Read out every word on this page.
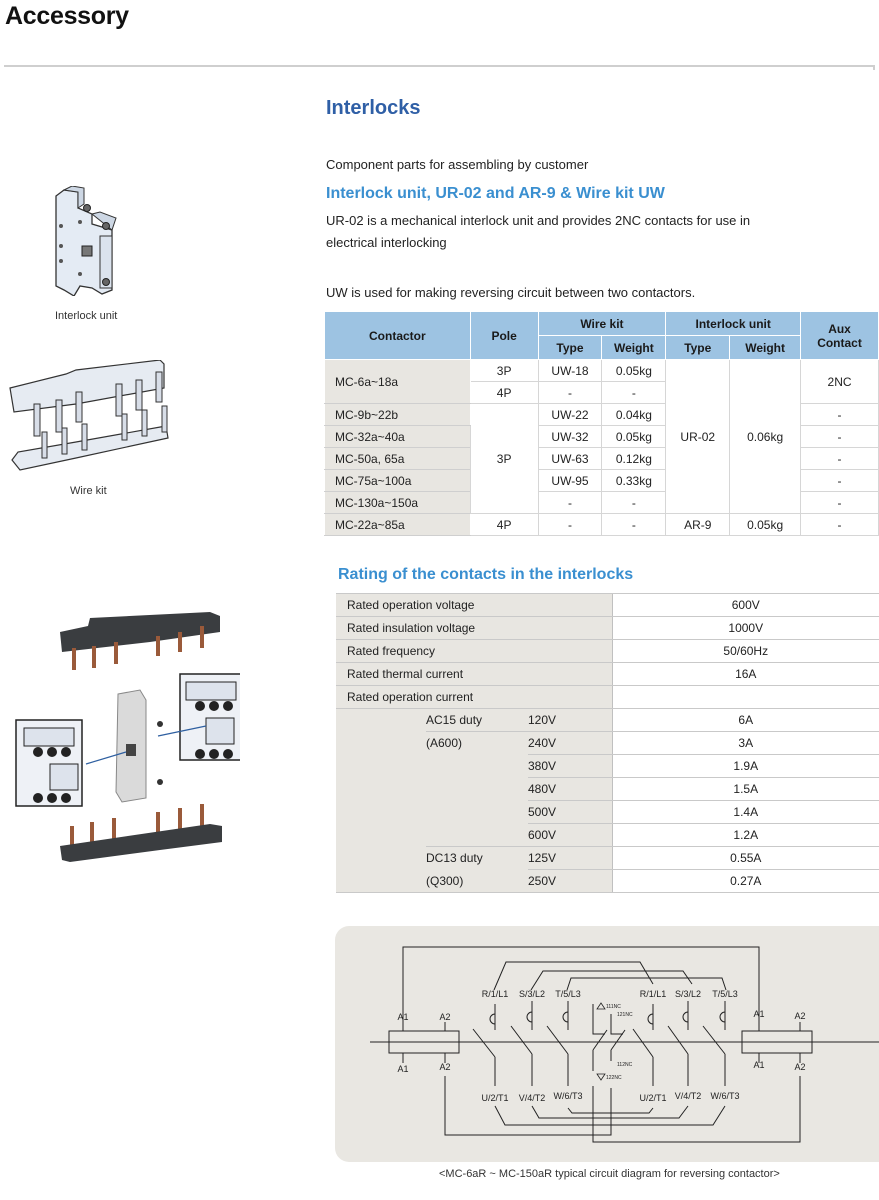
Accessory
Interlock unit
Wire kit
Interlocks
Component parts for assembling by customer
Interlock unit, UR-02 and AR-9 & Wire kit UW
UR-02 is a mechanical interlock unit and provides 2NC contacts for use in
electrical interlocking
UW is used for making reversing circuit between two contactors.
Contactor	Pole	Wire kit		Interlock unit		Aux
Contact
		Type	Weight	Type	Weight	
MC-6a~18a	3P	UW-18	0.05kg	UR-02	0.06kg	2NC
	4P	-	-			
MC-9b~22b	3P	UW-22	0.04kg			-
MC-32a~40a		UW-32	0.05kg			-
MC-50a, 65a		UW-63	0.12kg			-
MC-75a~100a		UW-95	0.33kg			-
MC-130a~150a		-	-			-
MC-22a~85a	4P	-	-	AR-9	0.05kg	-
Rating of the contacts in the interlocks
Rated operation voltage			600V
Rated insulation voltage			1000V
Rated frequency			50/60Hz
Rated thermal current			16A
Rated operation current			
	AC15 duty	120V	6A
	(A600)	240V	3A
		380V	1.9A
		480V	1.5A
		500V	1.4A
		600V	1.2A
	DC13 duty	125V	0.55A
	(Q300)	250V	0.27A
A1	A2
A1	A2
A1	A2
A1	A2
R/1/L1 S/3/L2 T/5/L3	R/1/L1 S/3/L2 T/5/L3
U/2/T1 V/4/T2 W/6/T3	U/2/T1 V/4/T2 W/6/T3
111NC
121NC
112NC
122NC
<MC-6aR ~ MC-150aR typical circuit diagram for reversing contactor>
